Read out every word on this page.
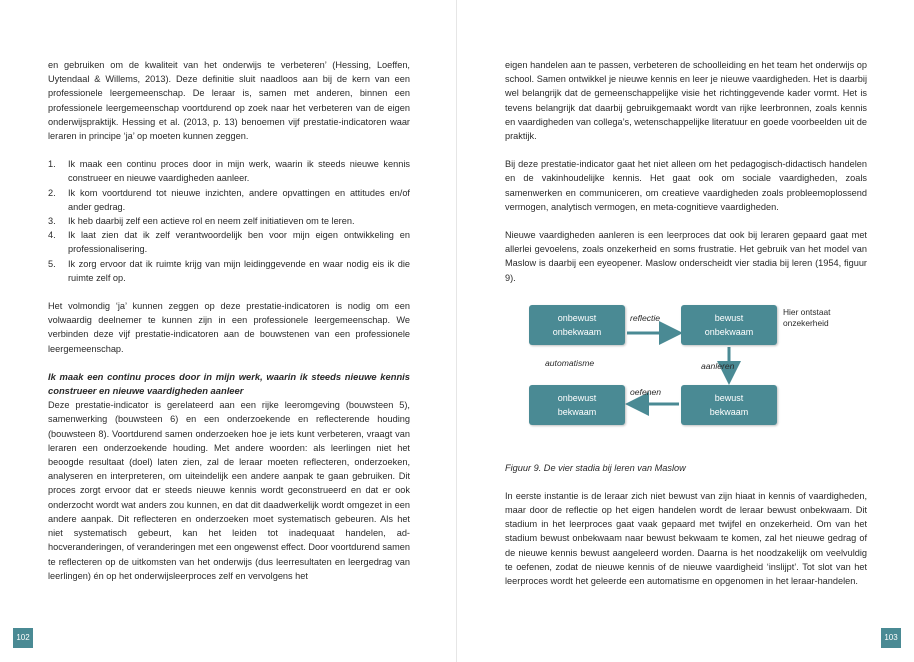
en gebruiken om de kwaliteit van het onderwijs te verbeteren’ (Hessing, Loeffen, Uytendaal & Willems, 2013). Deze definitie sluit naadloos aan bij de kern van een professionele leergemeenschap. De leraar is, samen met anderen, binnen een professionele leergemeenschap voortdurend op zoek naar het verbeteren van de eigen onderwijspraktijk. Hessing et al. (2013, p. 13) benoemen vijf prestatie-indicatoren waar leraren in principe ‘ja’ op moeten kunnen zeggen.

1. Ik maak een continu proces door in mijn werk, waarin ik steeds nieuwe kennis construeer en nieuwe vaardigheden aanleer.
2. Ik kom voortdurend tot nieuwe inzichten, andere opvattingen en attitudes en/of ander gedrag.
3. Ik heb daarbij zelf een actieve rol en neem zelf initiatieven om te leren.
4. Ik laat zien dat ik zelf verantwoordelijk ben voor mijn eigen ontwikkeling en professionalisering.
5. Ik zorg ervoor dat ik ruimte krijg van mijn leidinggevende en waar nodig eis ik die ruimte zelf op.

Het volmondig ‘ja’ kunnen zeggen op deze prestatie-indicatoren is nodig om een volwaardig deelnemer te kunnen zijn in een professionele leergemeenschap. We verbinden deze vijf prestatie-indicatoren aan de bouwstenen van een professionele leergemeenschap.

Ik maak een continu proces door in mijn werk, waarin ik steeds nieuwe kennis construeer en nieuwe vaardigheden aanleer

Deze prestatie-indicator is gerelateerd aan een rijke leeromgeving (bouwsteen 5), samenwerking (bouwsteen 6) en een onderzoekende en reflecterende houding (bouwsteen 8). Voortdurend samen onderzoeken hoe je iets kunt verbeteren, vraagt van leraren een onderzoekende houding. Met andere woorden: als leerlingen niet het beoogde resultaat (doel) laten zien, zal de leraar moeten reflecteren, onderzoeken, analyseren en interpreteren, om uiteindelijk een andere aanpak te gaan gebruiken. Dit proces zorgt ervoor dat er steeds nieuwe kennis wordt geconstrueerd en dat er ook onderzocht wordt wat anders zou kunnen, en dat dit daadwerkelijk wordt omgezet in een andere aanpak. Dit reflecteren en onderzoeken moet systematisch gebeuren. Als het niet systematisch gebeurt, kan het leiden tot inadequaat handelen, ad-hocveranderingen, of veranderingen met een ongewenst effect. Door voortdurend samen te reflecteren op de uitkomsten van het onderwijs (dus leerresultaten en leergedrag van leerlingen) én op het onderwijsleerproces zelf en vervolgens het

102

eigen handelen aan te passen, verbeteren de schoolleiding en het team het onderwijs op school. Samen ontwikkel je nieuwe kennis en leer je nieuwe vaardigheden. Het is daarbij wel belangrijk dat de gemeenschappelijke visie het richtinggevende kader vormt. Het is tevens belangrijk dat daarbij gebruikgemaakt wordt van rijke leerbronnen, zoals kennis en vaardigheden van collega’s, wetenschappelijke literatuur en goede voorbeelden uit de praktijk.

Bij deze prestatie-indicator gaat het niet alleen om het pedagogisch-didactisch handelen en de vakinhoudelijke kennis. Het gaat ook om sociale vaardigheden, zoals samenwerken en communiceren, om creatieve vaardigheden zoals probleemoplossend vermogen, analytisch vermogen, en meta-cognitieve vaardigheden.

Nieuwe vaardigheden aanleren is een leerproces dat ook bij leraren gepaard gaat met allerlei gevoelens, zoals onzekerheid en soms frustratie. Het gebruik van het model van Maslow is daarbij een eyeopener. Maslow onderscheidt vier stadia bij leren (1954, figuur 9).

onbewust
onbekwaam
bewust
onbekwaam
onbewust
bekwaam
bewust
bekwaam
reflectie
automatisme	aanleren
oefenen
Hier ontstaat
onzekerheid

Figuur 9. De vier stadia bij leren van Maslow

In eerste instantie is de leraar zich niet bewust van zijn hiaat in kennis of vaardigheden, maar door de reflectie op het eigen handelen wordt de leraar bewust onbekwaam. Dit stadium in het leerproces gaat vaak gepaard met twijfel en onzekerheid. Om van het stadium bewust onbekwaam naar bewust bekwaam te komen, zal het nieuwe gedrag of de nieuwe kennis bewust aangeleerd worden. Daarna is het noodzakelijk om veelvuldig te oefenen, zodat de nieuwe kennis of de nieuwe vaardigheid ‘inslijpt’. Tot slot van het leerproces wordt het geleerde een automatisme en opgenomen in het leraar-handelen.

103
